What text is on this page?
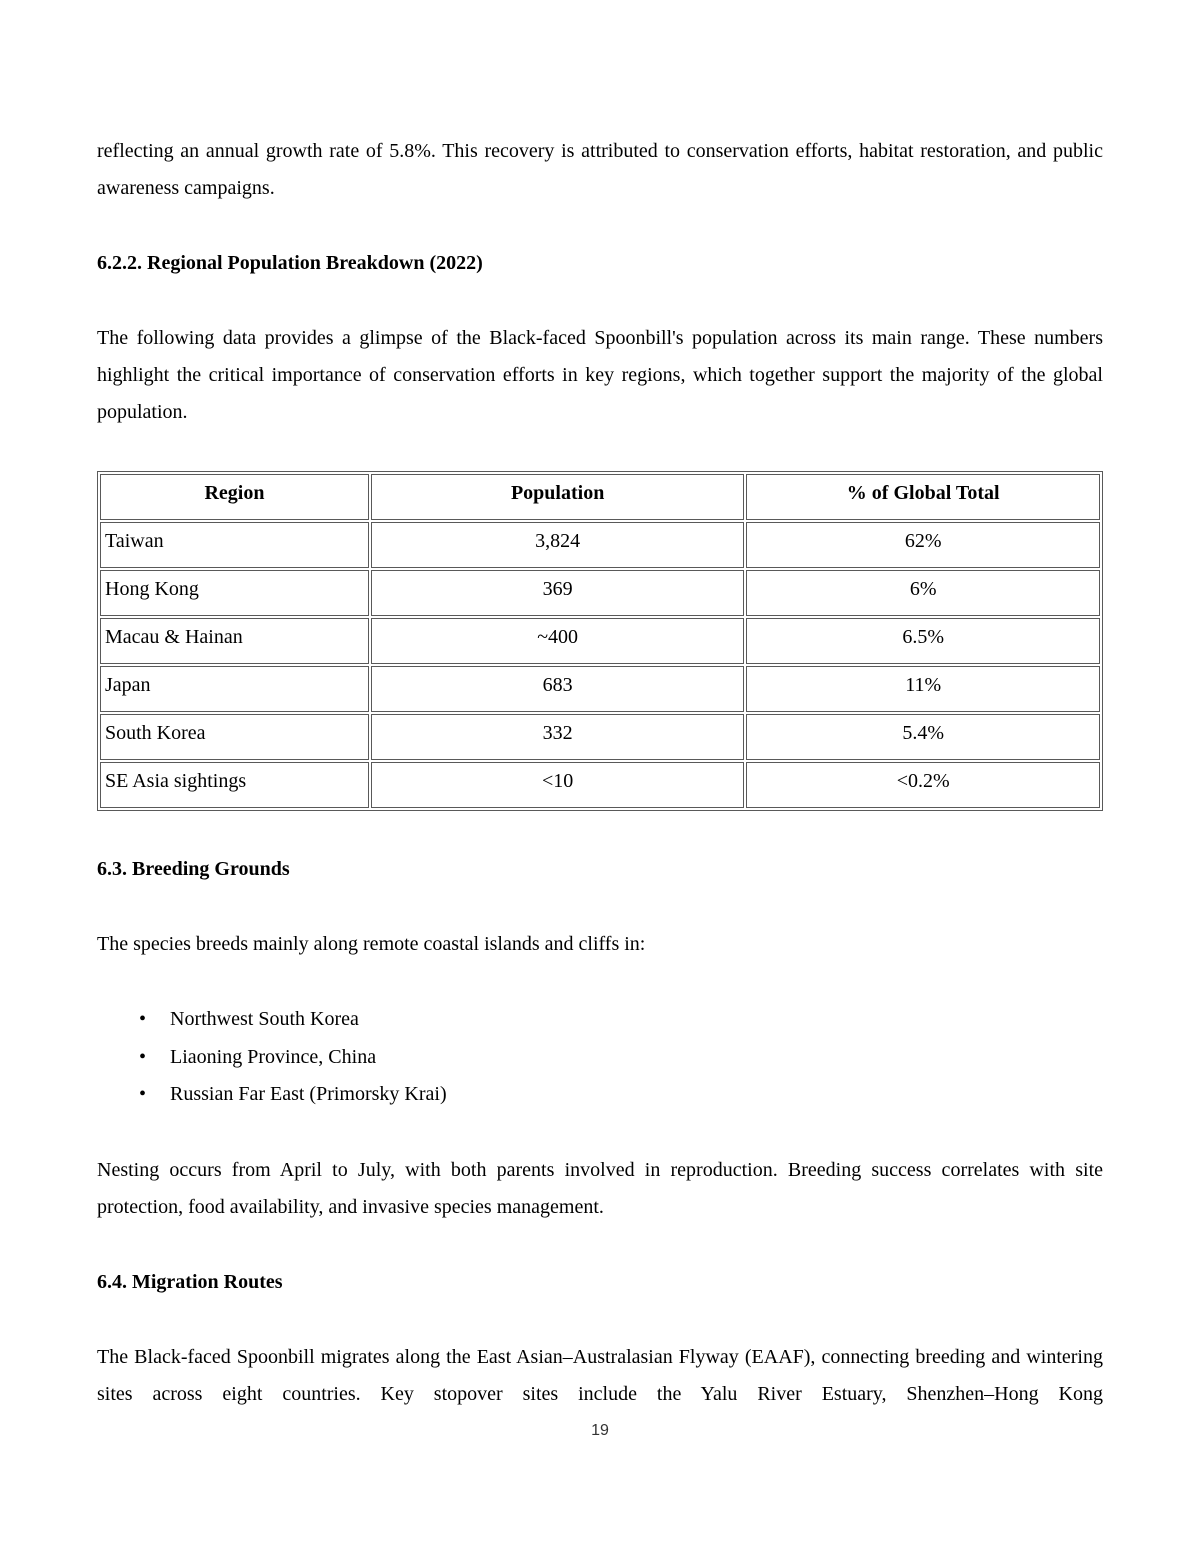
reflecting an annual growth rate of 5.8%. This recovery is attributed to conservation efforts, habitat restoration, and public awareness campaigns.

6.2.2. Regional Population Breakdown (2022)

The following data provides a glimpse of the Black-faced Spoonbill's population across its main range. These numbers highlight the critical importance of conservation efforts in key regions, which together support the majority of the global population.

Region	Population	% of Global Total
Taiwan	3,824	62%
Hong Kong	369	6%
Macau & Hainan	~400	6.5%
Japan	683	11%
South Korea	332	5.4%
SE Asia sightings	<10	<0.2%
6.3. Breeding Grounds

The species breeds mainly along remote coastal islands and cliffs in:

• Northwest South Korea
• Liaoning Province, China
• Russian Far East (Primorsky Krai)

Nesting occurs from April to July, with both parents involved in reproduction. Breeding success correlates with site protection, food availability, and invasive species management.

6.4. Migration Routes

The Black-faced Spoonbill migrates along the East Asian–Australasian Flyway (EAAF), connecting breeding and wintering sites across eight countries. Key stopover sites include the Yalu River Estuary, Shenzhen–Hong Kong

19
